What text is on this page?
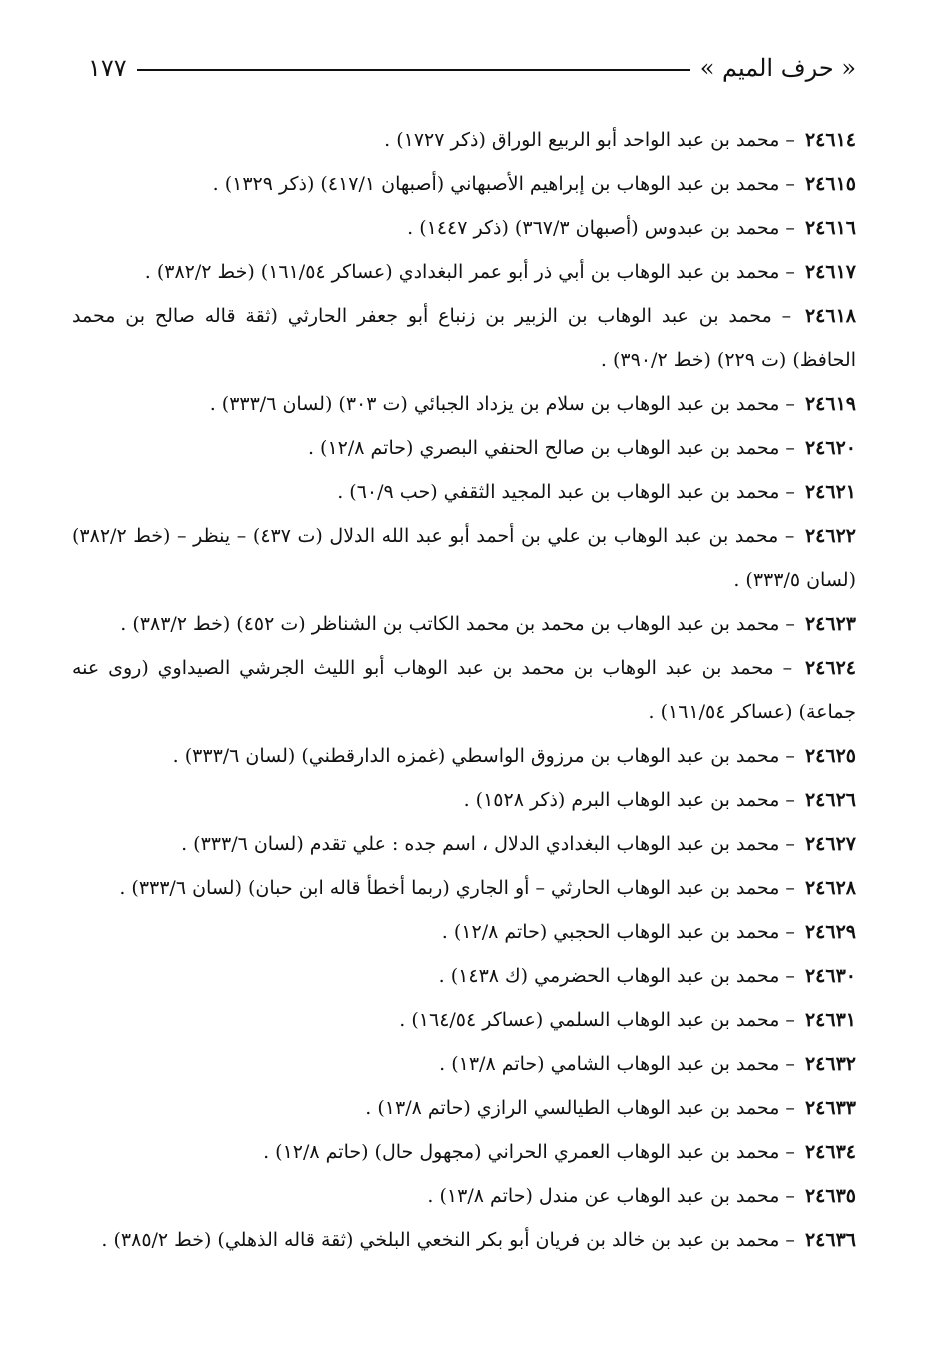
« حرف الميم »
١٧٧
٢٤٦١٤ – محمد بن عبد الواحد أبو الربيع الوراق (ذكر ١٧٢٧) .
٢٤٦١٥ – محمد بن عبد الوهاب بن إبراهيم الأصبهاني (أصبهان ٤١٧/١) (ذكر ١٣٢٩) .
٢٤٦١٦ – محمد بن عبدوس (أصبهان ٣٦٧/٣) (ذكر ١٤٤٧) .
٢٤٦١٧ – محمد بن عبد الوهاب بن أبي ذر أبو عمر البغدادي (عساكر ١٦١/٥٤) (خط ٣٨٢/٢) .
٢٤٦١٨ – محمد بن عبد الوهاب بن الزبير بن زنباع أبو جعفر الحارثي (ثقة قاله صالح بن محمد الحافظ) (ت ٢٢٩) (خط ٣٩٠/٢) .
٢٤٦١٩ – محمد بن عبد الوهاب بن سلام بن يزداد الجبائي (ت ٣٠٣) (لسان ٣٣٣/٦) .
٢٤٦٢٠ – محمد بن عبد الوهاب بن صالح الحنفي البصري (حاتم ١٢/٨) .
٢٤٦٢١ – محمد بن عبد الوهاب بن عبد المجيد الثقفي (حب ٦٠/٩) .
٢٤٦٢٢ – محمد بن عبد الوهاب بن علي بن أحمد أبو عبد الله الدلال (ت ٤٣٧) – ينظر – (خط ٣٨٢/٢) (لسان ٣٣٣/٥) .
٢٤٦٢٣ – محمد بن عبد الوهاب بن محمد بن محمد الكاتب بن الشناظر (ت ٤٥٢) (خط ٣٨٣/٢) .
٢٤٦٢٤ – محمد بن عبد الوهاب بن محمد بن عبد الوهاب أبو الليث الجرشي الصيداوي (روى عنه جماعة) (عساكر ١٦١/٥٤) .
٢٤٦٢٥ – محمد بن عبد الوهاب بن مرزوق الواسطي (غمزه الدارقطني) (لسان ٣٣٣/٦) .
٢٤٦٢٦ – محمد بن عبد الوهاب البرم (ذكر ١٥٢٨) .
٢٤٦٢٧ – محمد بن عبد الوهاب البغدادي الدلال ، اسم جده : علي تقدم (لسان ٣٣٣/٦) .
٢٤٦٢٨ – محمد بن عبد الوهاب الحارثي – أو الجاري (ربما أخطأ قاله ابن حبان) (لسان ٣٣٣/٦) .
٢٤٦٢٩ – محمد بن عبد الوهاب الحجبي (حاتم ١٢/٨) .
٢٤٦٣٠ – محمد بن عبد الوهاب الحضرمي (ك ١٤٣٨) .
٢٤٦٣١ – محمد بن عبد الوهاب السلمي (عساكر ١٦٤/٥٤) .
٢٤٦٣٢ – محمد بن عبد الوهاب الشامي (حاتم ١٣/٨) .
٢٤٦٣٣ – محمد بن عبد الوهاب الطيالسي الرازي (حاتم ١٣/٨) .
٢٤٦٣٤ – محمد بن عبد الوهاب العمري الحراني (مجهول حال) (حاتم ١٢/٨) .
٢٤٦٣٥ – محمد بن عبد الوهاب عن مندل (حاتم ١٣/٨) .
٢٤٦٣٦ – محمد بن عبد بن خالد بن فريان أبو بكر النخعي البلخي (ثقة قاله الذهلي) (خط ٣٨٥/٢) .
